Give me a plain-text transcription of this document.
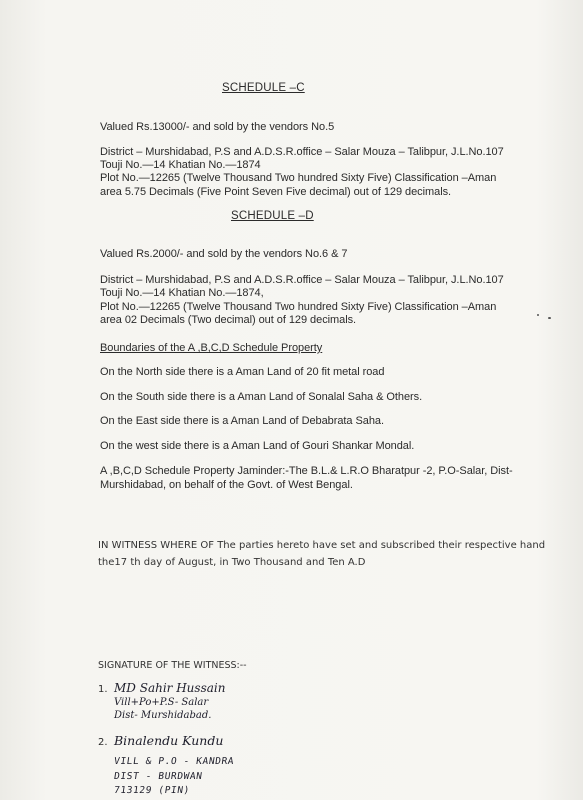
SCHEDULE –C
Valued Rs.13000/- and sold by the vendors No.5
District – Murshidabad, P.S and A.D.S.R.office – Salar Mouza – Talibpur, J.L.No.107
Touji No.—14 Khatian No.—1874
Plot No.—12265 (Twelve Thousand Two hundred Sixty Five) Classification –Aman
area 5.75 Decimals (Five Point Seven Five decimal) out of 129 decimals.
SCHEDULE –D
Valued Rs.2000/- and sold by the vendors No.6 & 7
District – Murshidabad, P.S and A.D.S.R.office – Salar Mouza – Talibpur, J.L.No.107
Touji No.—14 Khatian No.—1874,
Plot No.—12265 (Twelve Thousand Two hundred Sixty Five) Classification –Aman
area 02 Decimals (Two decimal) out of 129 decimals.
Boundaries of the A ,B,C,D Schedule Property
On the North side there is a Aman Land of 20 fit metal road
On the South side there is a Aman Land of Sonalal Saha & Others.
On the East side there is a Aman Land of Debabrata Saha.
On the west side there is a Aman Land of Gouri Shankar Mondal.
A ,B,C,D Schedule Property Jaminder:-The B.L.& L.R.O Bharatpur -2, P.O-Salar, Dist-
Murshidabad, on behalf of the Govt. of West Bengal.
IN WITNESS WHERE OF The parties hereto have set and subscribed their respective hand
the17 th day of August, in Two Thousand and Ten A.D
SIGNATURE OF THE WITNESS:--
1. MD Sahir Hussain
Vill+Po+P.S- Salar
Dist- Murshidabad.
2. Binalendu Kundu
VILL & P.O - KANDRA
DIST - BURDWAN
713129 (PIN)
